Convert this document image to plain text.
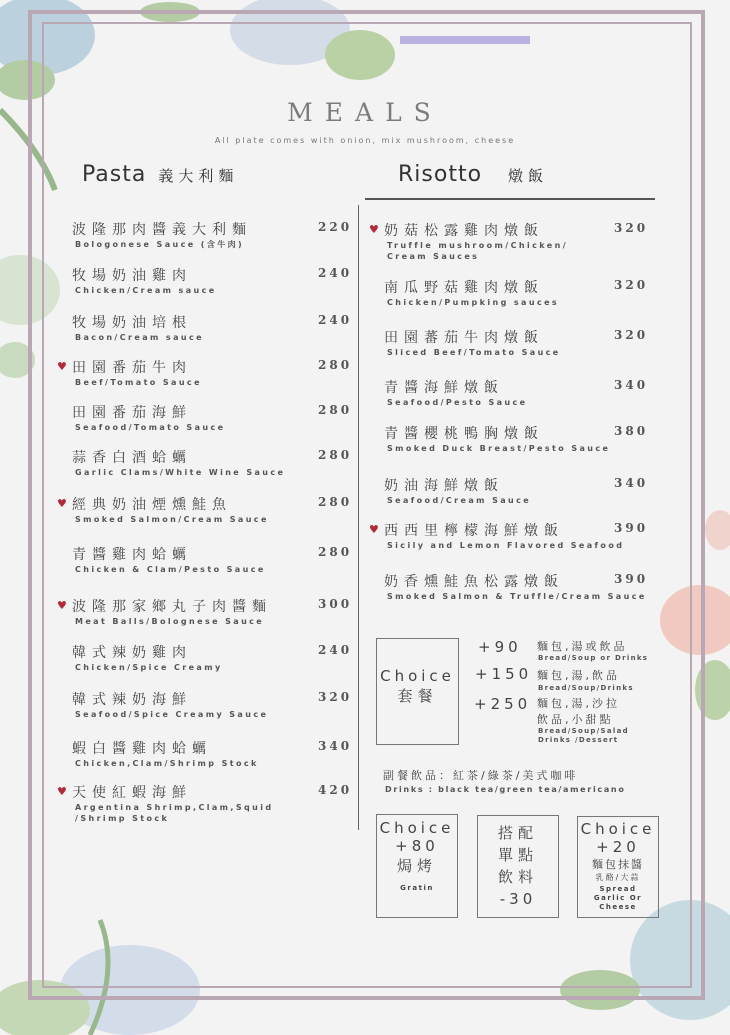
MEALS
All plate comes with onion, mix mushroom, cheese
Pasta 義大利麵	Risotto 燉飯
波隆那肉醬義大利麵
Bologonese Sauce (含牛肉)
220
牧場奶油雞肉
Chicken/Cream sauce
240
牧場奶油培根
Bacon/Cream sauce
240
♥ 田園番茄牛肉
Beef/Tomato Sauce
280
田園番茄海鮮
Seafood/Tomato Sauce
280
蒜香白酒蛤蠣
Garlic Clams/White Wine Sauce
280
♥ 經典奶油煙燻鮭魚
Smoked Salmon/Cream Sauce
280
青醬雞肉蛤蠣
Chicken & Clam/Pesto Sauce
280
♥ 波隆那家鄉丸子肉醬麵
Meat Balls/Bolognese Sauce
300
韓式辣奶雞肉
Chicken/Spice Creamy
240
韓式辣奶海鮮
Seafood/Spice Creamy Sauce
320
蝦白醬雞肉蛤蠣
Chicken,Clam/Shrimp Stock
340
♥ 天使紅蝦海鮮
Argentina Shrimp,Clam,Squid
/Shrimp Stock
420
♥ 奶菇松露雞肉燉飯
Truffle mushroom/Chicken/
Cream Sauces
320
南瓜野菇雞肉燉飯
Chicken/Pumpking sauces
320
田園蕃茄牛肉燉飯
Sliced Beef/Tomato Sauce
320
青醬海鮮燉飯
Seafood/Pesto Sauce
340
青醬櫻桃鴨胸燉飯
Smoked Duck Breast/Pesto Sauce
380
奶油海鮮燉飯
Seafood/Cream Sauce
340
♥ 西西里檸檬海鮮燉飯
Sicily and Lemon Flavored Seafood
390
奶香燻鮭魚松露燉飯
Smoked Salmon & Truffle/Cream Sauce
390
Choice
套餐
+90 麵包,湯或飲品
Bread/Soup or Drinks
+150 麵包,湯,飲品
Bread/Soup/Drinks
+250 麵包,湯,沙拉
飲品,小甜點
Bread/Soup/Salad
Drinks /Dessert
副餐飲品：紅茶/綠茶/美式咖啡
Drinks : black tea/green tea/americano
Choice
+80
焗烤
Gratin
搭配
單點
飲料
-30
Choice
+20
麵包抹醬
乳酪/大蒜
Spread
Garlic Or
Cheese
